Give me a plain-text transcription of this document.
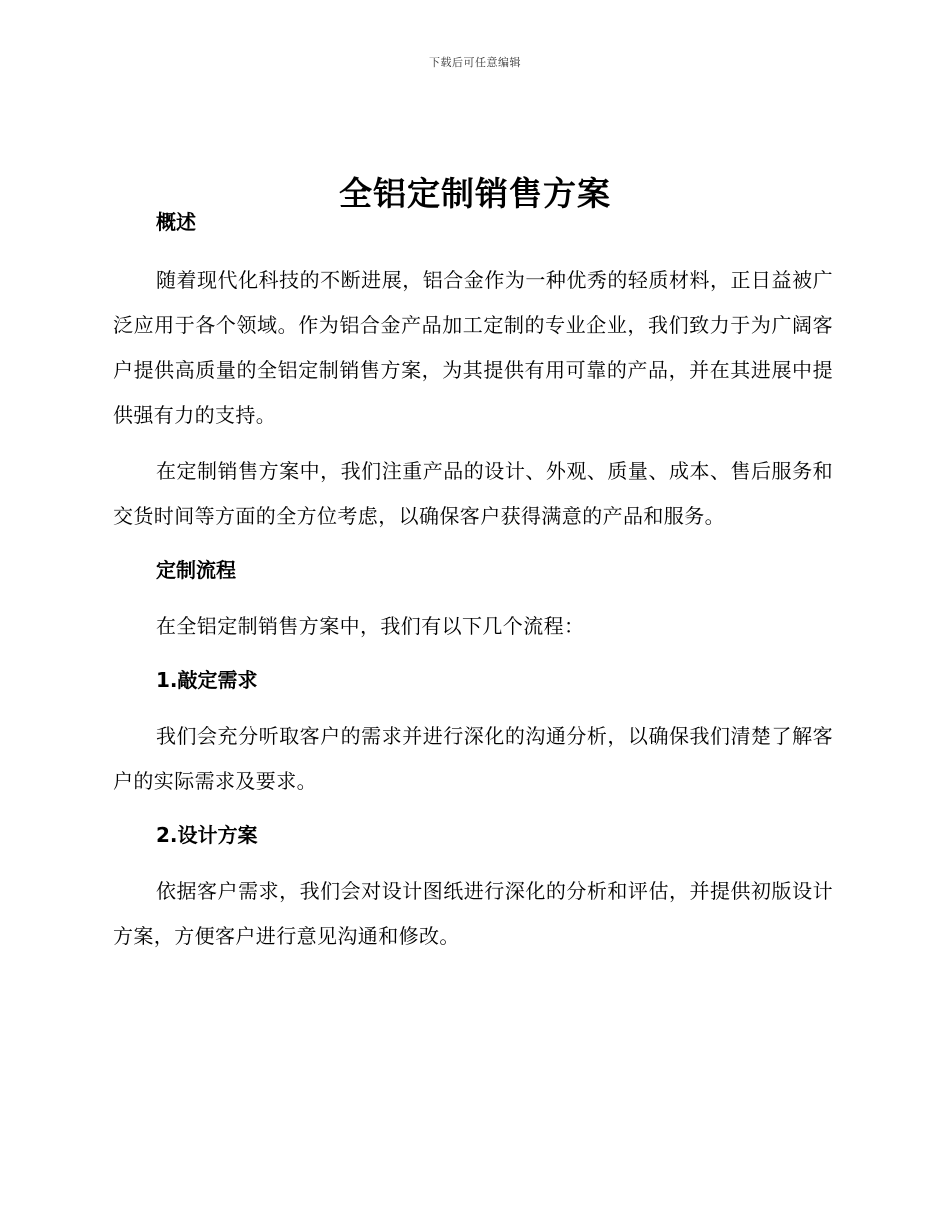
下载后可任意编辑
全铝定制销售方案
概述

随着现代化科技的不断进展，铝合金作为一种优秀的轻质材料，正日益被广泛应用于各个领域。作为铝合金产品加工定制的专业企业，我们致力于为广阔客户提供高质量的全铝定制销售方案，为其提供有用可靠的产品，并在其进展中提供强有力的支持。

在定制销售方案中，我们注重产品的设计、外观、质量、成本、售后服务和交货时间等方面的全方位考虑，以确保客户获得满意的产品和服务。

定制流程

在全铝定制销售方案中，我们有以下几个流程：

1.敲定需求

我们会充分听取客户的需求并进行深化的沟通分析，以确保我们清楚了解客户的实际需求及要求。

2.设计方案

依据客户需求，我们会对设计图纸进行深化的分析和评估，并提供初版设计方案，方便客户进行意见沟通和修改。
